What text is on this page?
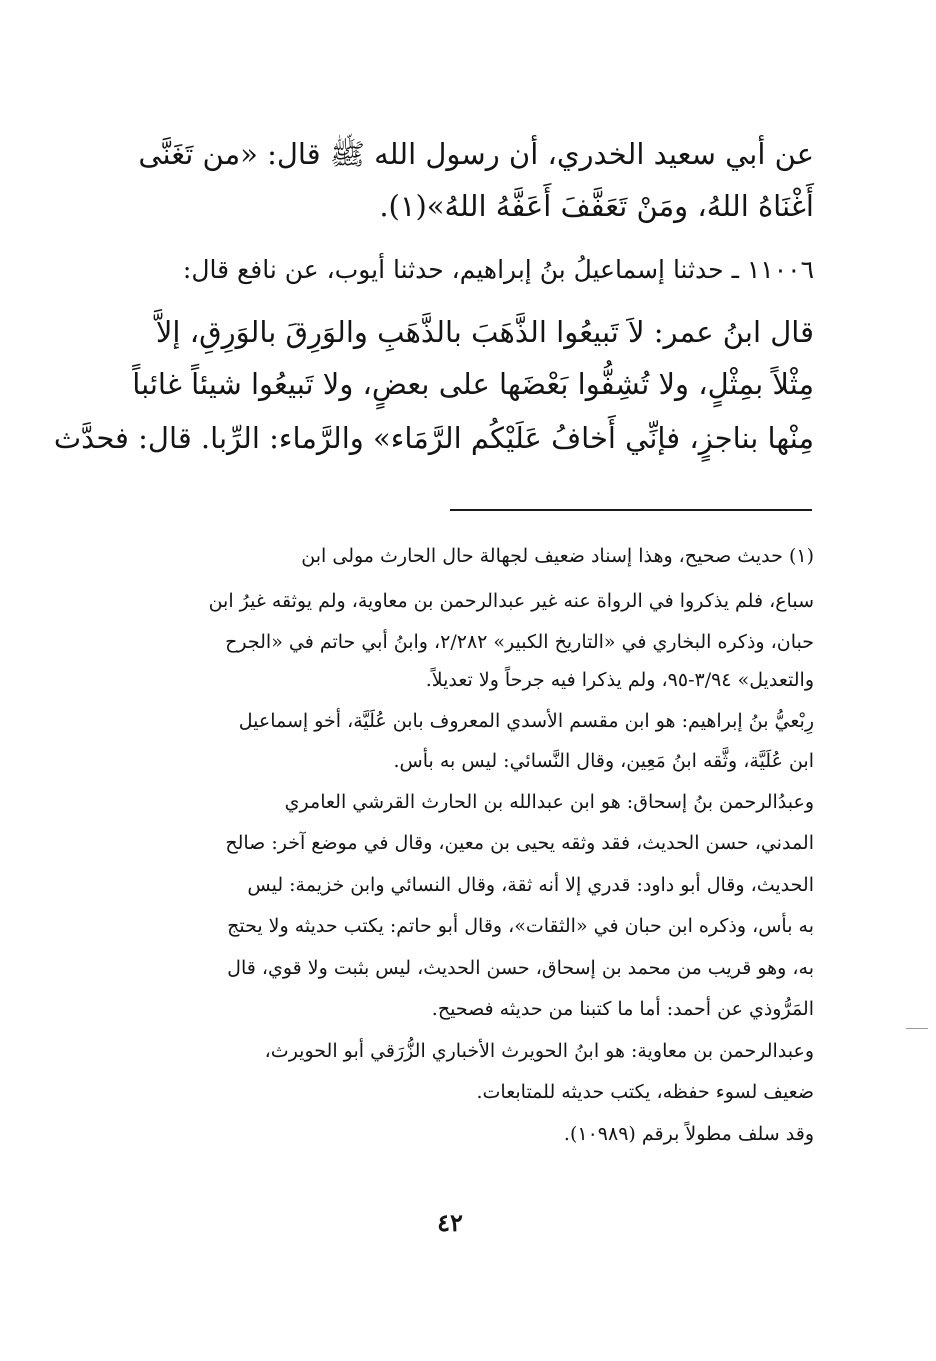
عن أبي سعيد الخدري، أن رسول الله ﷺ قال: «من تَغَنَّى
أَغْنَاهُ اللهُ، ومَنْ تَعَفَّفَ أَعَفَّهُ اللهُ»(١).
١١٠٠٦ ـ حدثنا إسماعيلُ بنُ إبراهيم، حدثنا أيوب، عن نافع قال:
قال ابنُ عمر: لاَ تَبيعُوا الذَّهَبَ بالذَّهَبِ والوَرِقَ بالوَرِقِ، إلاَّ
مِثْلاً بمِثْلٍ، ولا تُشِفُّوا بَعْضَها على بعضٍ، ولا تَبيعُوا شيئاً غائباً
مِنْها بناجزٍ، فإنِّي أَخافُ عَلَيْكُم الرَّمَاء» والرَّماء: الرِّبا. قال: فحدَّث
(١) حديث صحيح، وهذا إسناد ضعيف لجهالة حال الحارث مولى ابن
سباع، فلم يذكروا في الرواة عنه غير عبدالرحمن بن معاوية، ولم يوثقه غيرُ ابن
حبان، وذكره البخاري في «التاريخ الكبير» ٢/٢٨٢، وابنُ أبي حاتم في «الجرح
والتعديل» ٣/٩٤-٩٥، ولم يذكرا فيه جرحاً ولا تعديلاً.
رِبْعيُّ بنُ إبراهيم: هو ابن مقسم الأسدي المعروف بابن عُلَيَّة، أخو إسماعيل
ابن عُلَيَّة، وثَّقه ابنُ مَعِين، وقال النَّسائي: ليس به بأس.
وعبدُالرحمن بنُ إسحاق: هو ابن عبدالله بن الحارث القرشي العامري
المدني، حسن الحديث، فقد وثقه يحيى بن معين، وقال في موضع آخر: صالح
الحديث، وقال أبو داود: قدري إلا أنه ثقة، وقال النسائي وابن خزيمة: ليس
به بأس، وذكره ابن حبان في «الثقات»، وقال أبو حاتم: يكتب حديثه ولا يحتج
به، وهو قريب من محمد بن إسحاق، حسن الحديث، ليس بثبت ولا قوي، قال
المَرُّوذي عن أحمد: أما ما كتبنا من حديثه فصحيح.
وعبدالرحمن بن معاوية: هو ابنُ الحويرث الأخباري الزُّرَقي أبو الحويرث،
ضعيف لسوء حفظه، يكتب حديثه للمتابعات.
وقد سلف مطولاً برقم (١٠٩٨٩).
٤٢
